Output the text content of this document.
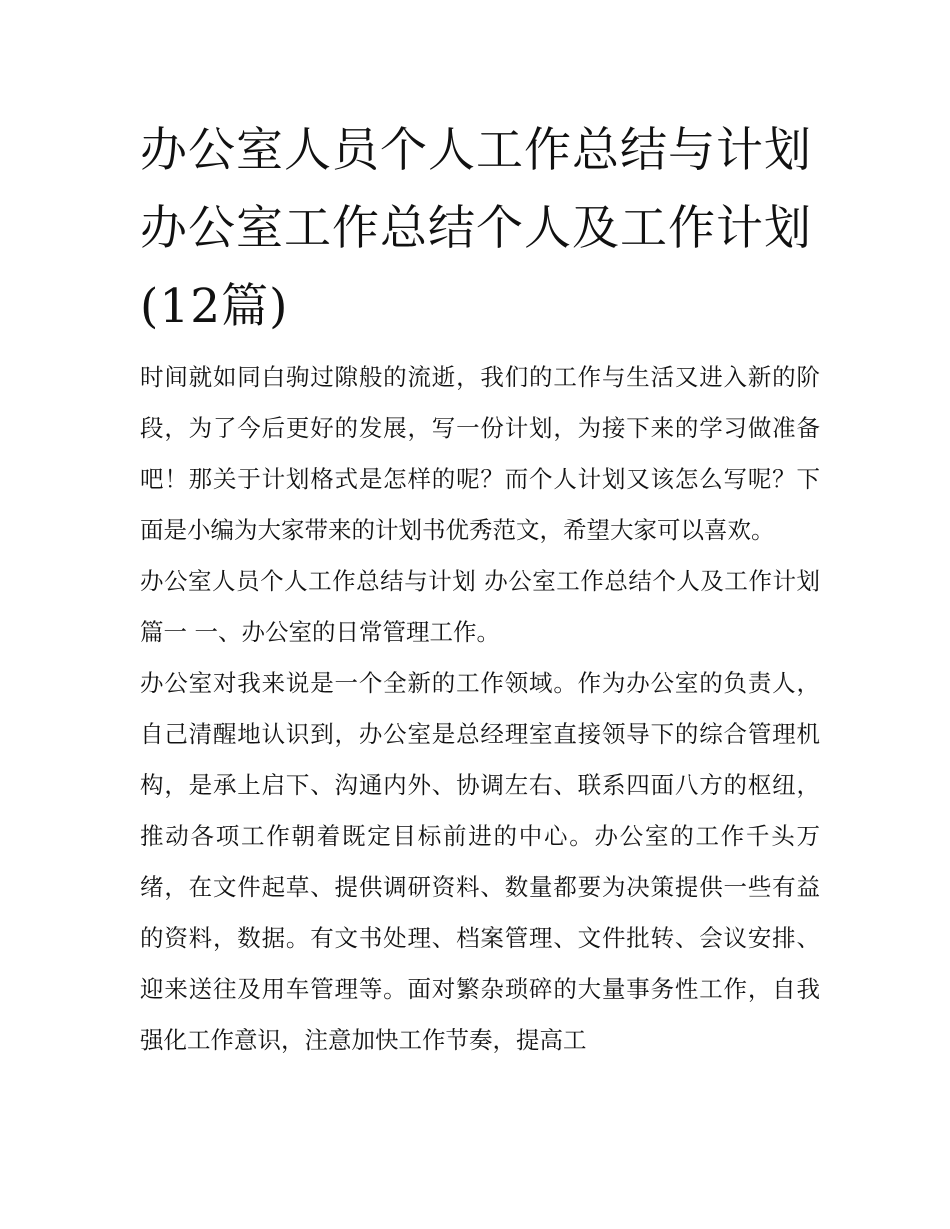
办公室人员个人工作总结与计划 办公室工作总结个人及工作计划(12篇)

时间就如同白驹过隙般的流逝，我们的工作与生活又进入新的阶段，为了今后更好的发展，写一份计划，为接下来的学习做准备吧！那关于计划格式是怎样的呢？而个人计划又该怎么写呢？下面是小编为大家带来的计划书优秀范文，希望大家可以喜欢。

办公室人员个人工作总结与计划 办公室工作总结个人及工作计划篇一 一、办公室的日常管理工作。

办公室对我来说是一个全新的工作领域。作为办公室的负责人，自己清醒地认识到，办公室是总经理室直接领导下的综合管理机构，是承上启下、沟通内外、协调左右、联系四面八方的枢纽，推动各项工作朝着既定目标前进的中心。办公室的工作千头万绪，在文件起草、提供调研资料、数量都要为决策提供一些有益的资料，数据。有文书处理、档案管理、文件批转、会议安排、迎来送往及用车管理等。面对繁杂琐碎的大量事务性工作，自我强化工作意识，注意加快工作节奏，提高工
